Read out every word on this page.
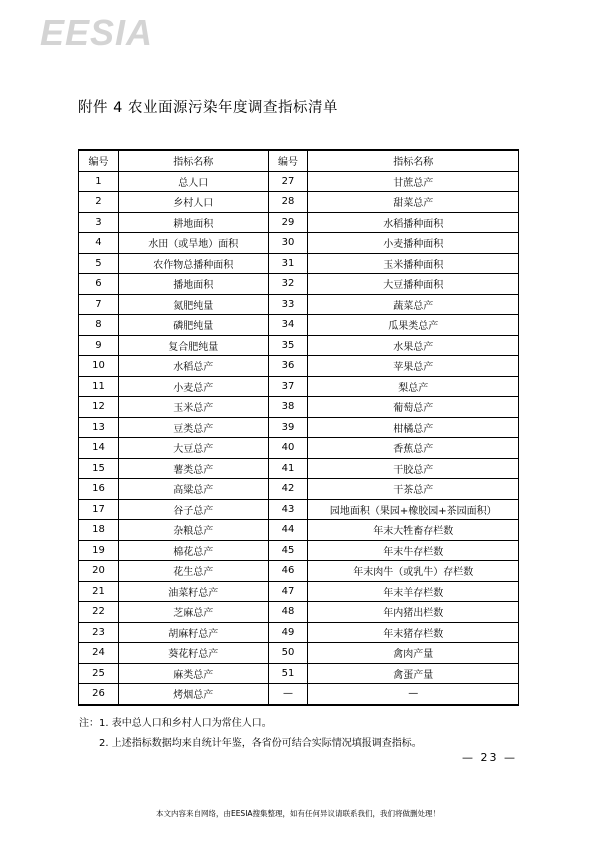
EESIA
附件 4 农业面源污染年度调查指标清单
编号	指标名称	编号	指标名称
1	总人口	27	甘蔗总产
2	乡村人口	28	甜菜总产
3	耕地面积	29	水稻播种面积
4	水田（或旱地）面积	30	小麦播种面积
5	农作物总播种面积	31	玉米播种面积
6	播地面积	32	大豆播种面积
7	氮肥纯量	33	蔬菜总产
8	磷肥纯量	34	瓜果类总产
9	复合肥纯量	35	水果总产
10	水稻总产	36	苹果总产
11	小麦总产	37	梨总产
12	玉米总产	38	葡萄总产
13	豆类总产	39	柑橘总产
14	大豆总产	40	香蕉总产
15	薯类总产	41	干胶总产
16	高粱总产	42	干茶总产
17	谷子总产	43	园地面积（果园+橡胶园+茶园面积）
18	杂粮总产	44	年末大牲畜存栏数
19	棉花总产	45	年末牛存栏数
20	花生总产	46	年末肉牛（或乳牛）存栏数
21	油菜籽总产	47	年末羊存栏数
22	芝麻总产	48	年内猪出栏数
23	胡麻籽总产	49	年末猪存栏数
24	葵花籽总产	50	禽肉产量
25	麻类总产	51	禽蛋产量
26	烤烟总产	—	—
注：1. 表中总人口和乡村人口为常住人口。
2. 上述指标数据均来自统计年鉴，各省份可结合实际情况填报调查指标。
— 23 —
本文内容来自网络，由EESIA搜集整理，如有任何异议请联系我们，我们将做删处理！
